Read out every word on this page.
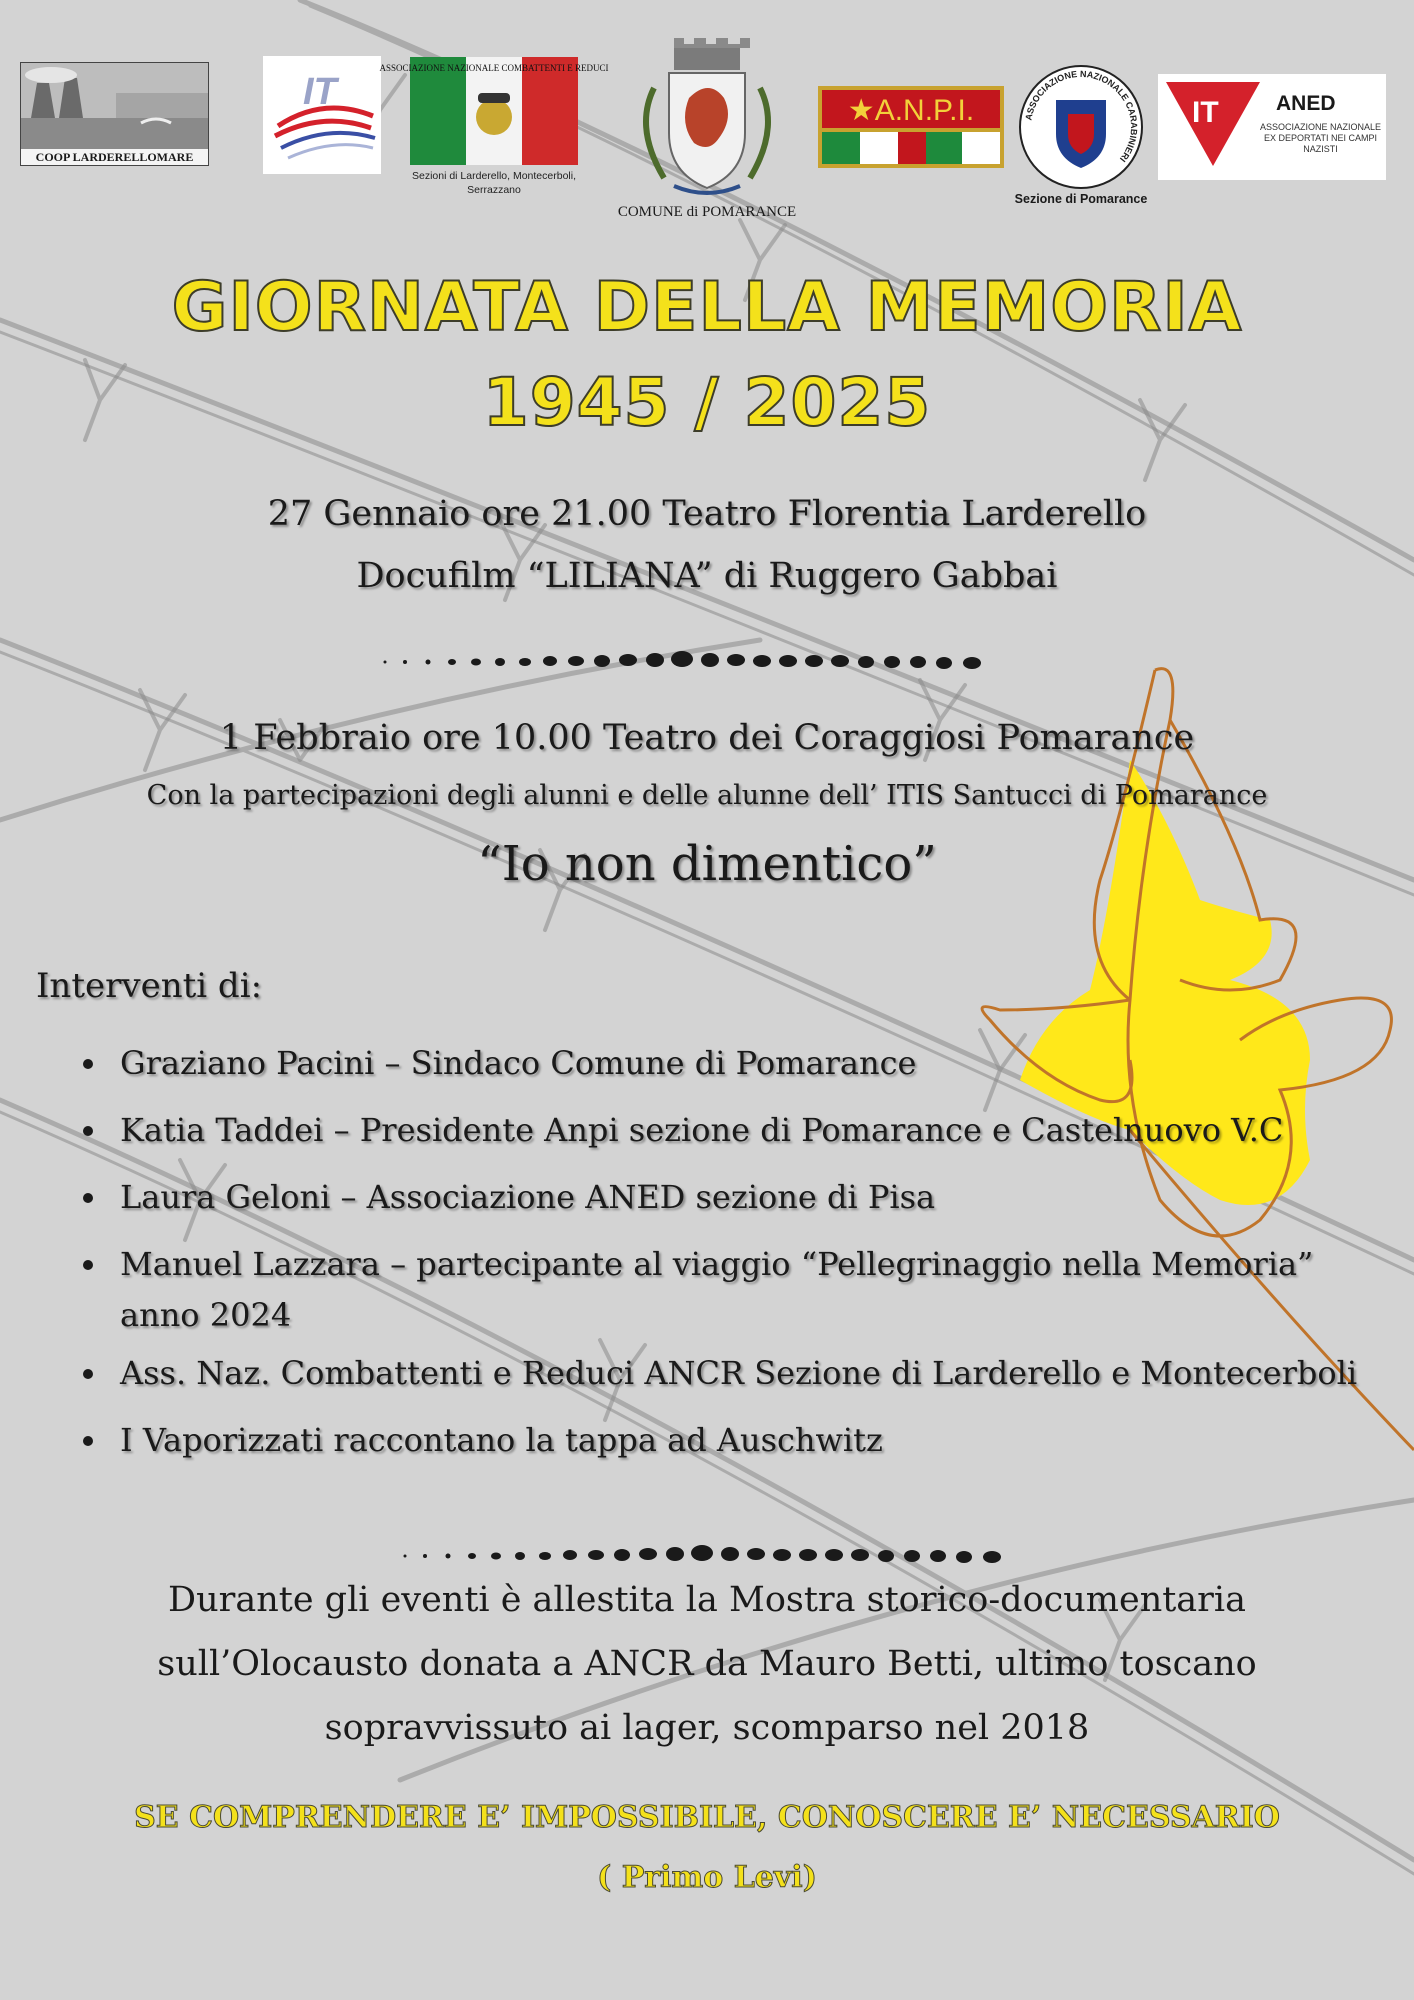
COOP LARDERELLOMARE
IT
ASSOCIAZIONE NAZIONALE COMBATTENTI E REDUCI
Sezioni di Larderello, Montecerboli, Serrazzano
COMUNE di POMARANCE
★A.N.P.I.	ASSOCIAZIONE NAZIONALE CARABINIERI
Sezione di Pomarance
IT	ANED
ASSOCIAZIONE NAZIONALE EX DEPORTATI NEI CAMPI NAZISTI
GIORNATA DELLA MEMORIA
1945 / 2025
27 Gennaio ore 21.00 Teatro Florentia Larderello
Docufilm “LILIANA” di Ruggero Gabbai
1 Febbraio ore 10.00 Teatro dei Coraggiosi Pomarance
Con la partecipazioni degli alunni e delle alunne dell’ ITIS Santucci di Pomarance
“Io non dimentico”
Interventi di:
• Graziano Pacini – Sindaco Comune di Pomarance
• Katia Taddei – Presidente Anpi sezione di Pomarance e Castelnuovo V.C
• Laura Geloni – Associazione ANED sezione di Pisa
• Manuel Lazzara – partecipante al viaggio “Pellegrinaggio nella Memoria”
anno 2024
• Ass. Naz. Combattenti e Reduci ANCR Sezione di Larderello e Montecerboli
• I Vaporizzati raccontano la tappa ad Auschwitz
Durante gli eventi è allestita la Mostra storico-documentaria
sull’Olocausto donata a ANCR da Mauro Betti, ultimo toscano
sopravvissuto ai lager, scomparso nel 2018
SE COMPRENDERE E’ IMPOSSIBILE, CONOSCERE E’ NECESSARIO
( Primo Levi)
